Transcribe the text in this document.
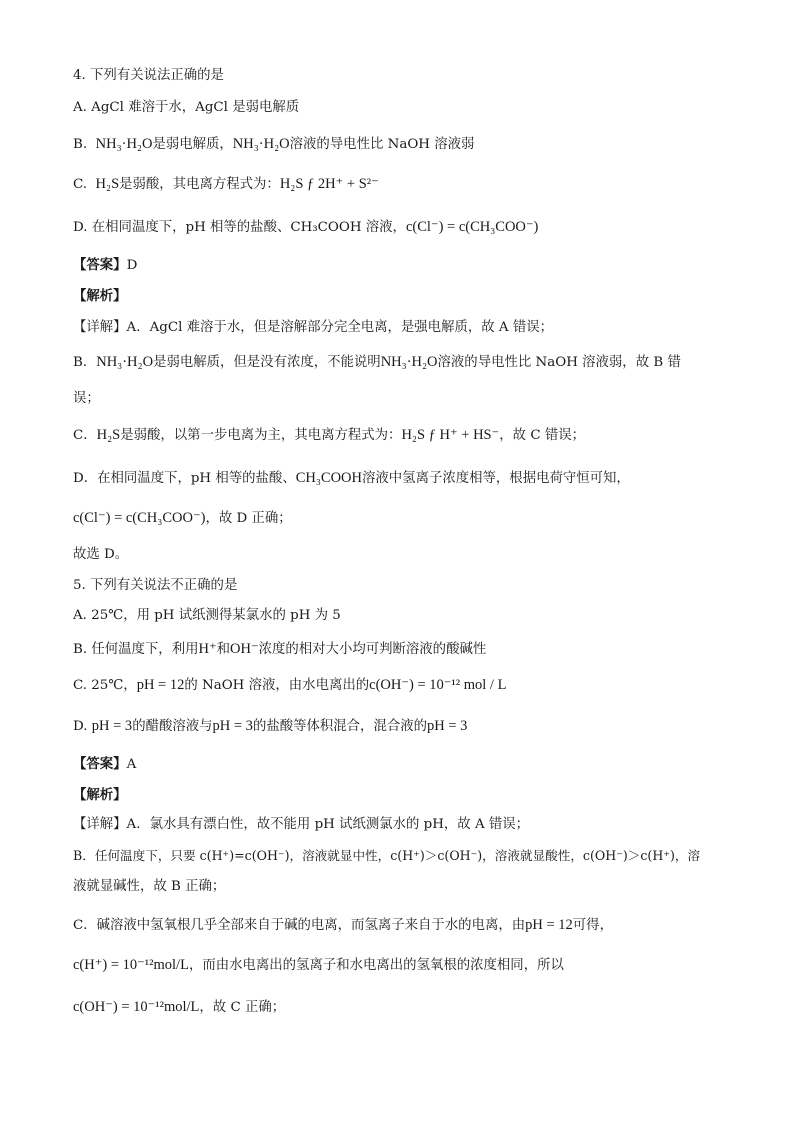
4. 下列有关说法正确的是
A. AgCl 难溶于水，AgCl 是弱电解质
B. NH₃·H₂O是弱电解质，NH₃·H₂O溶液的导电性比 NaOH 溶液弱
C. H₂S是弱酸，其电离方程式为：H₂S ƒ 2H⁺ + S²⁻
D. 在相同温度下，pH 相等的盐酸、CH₃COOH 溶液，c(Cl⁻) = c(CH₃COO⁻)
【答案】D
【解析】
【详解】A．AgCl 难溶于水，但是溶解部分完全电离，是强电解质，故 A 错误；
B．NH₃·H₂O是弱电解质，但是没有浓度，不能说明NH₃·H₂O溶液的导电性比 NaOH 溶液弱，故 B 错
误；
C．H₂S是弱酸，以第一步电离为主，其电离方程式为：H₂S ƒ H⁺ + HS⁻，故 C 错误；
D．在相同温度下，pH 相等的盐酸、CH₃COOH溶液中氢离子浓度相等，根据电荷守恒可知，
c(Cl⁻) = c(CH₃COO⁻)，故 D 正确；
故选 D。
5. 下列有关说法不正确的是
A. 25℃，用 pH 试纸测得某氯水的 pH 为 5
B. 任何温度下，利用H⁺和OH⁻浓度的相对大小均可判断溶液的酸碱性
C. 25℃，pH = 12的 NaOH 溶液，由水电离出的c(OH⁻) = 10⁻¹² mol / L
D. pH = 3的醋酸溶液与pH = 3的盐酸等体积混合，混合液的pH = 3
【答案】A
【解析】
【详解】A．氯水具有漂白性，故不能用 pH 试纸测氯水的 pH，故 A 错误；
B．任何温度下，只要 c(H⁺)=c(OH⁻)，溶液就显中性，c(H⁺)＞c(OH⁻)，溶液就显酸性，c(OH⁻)＞c(H⁺)，溶
液就显碱性，故 B 正确；
C．碱溶液中氢氧根几乎全部来自于碱的电离，而氢离子来自于水的电离，由pH = 12可得，
c(H⁺) = 10⁻¹²mol/L，而由水电离出的氢离子和水电离出的氢氧根的浓度相同，所以
c(OH⁻) = 10⁻¹²mol/L，故 C 正确；
